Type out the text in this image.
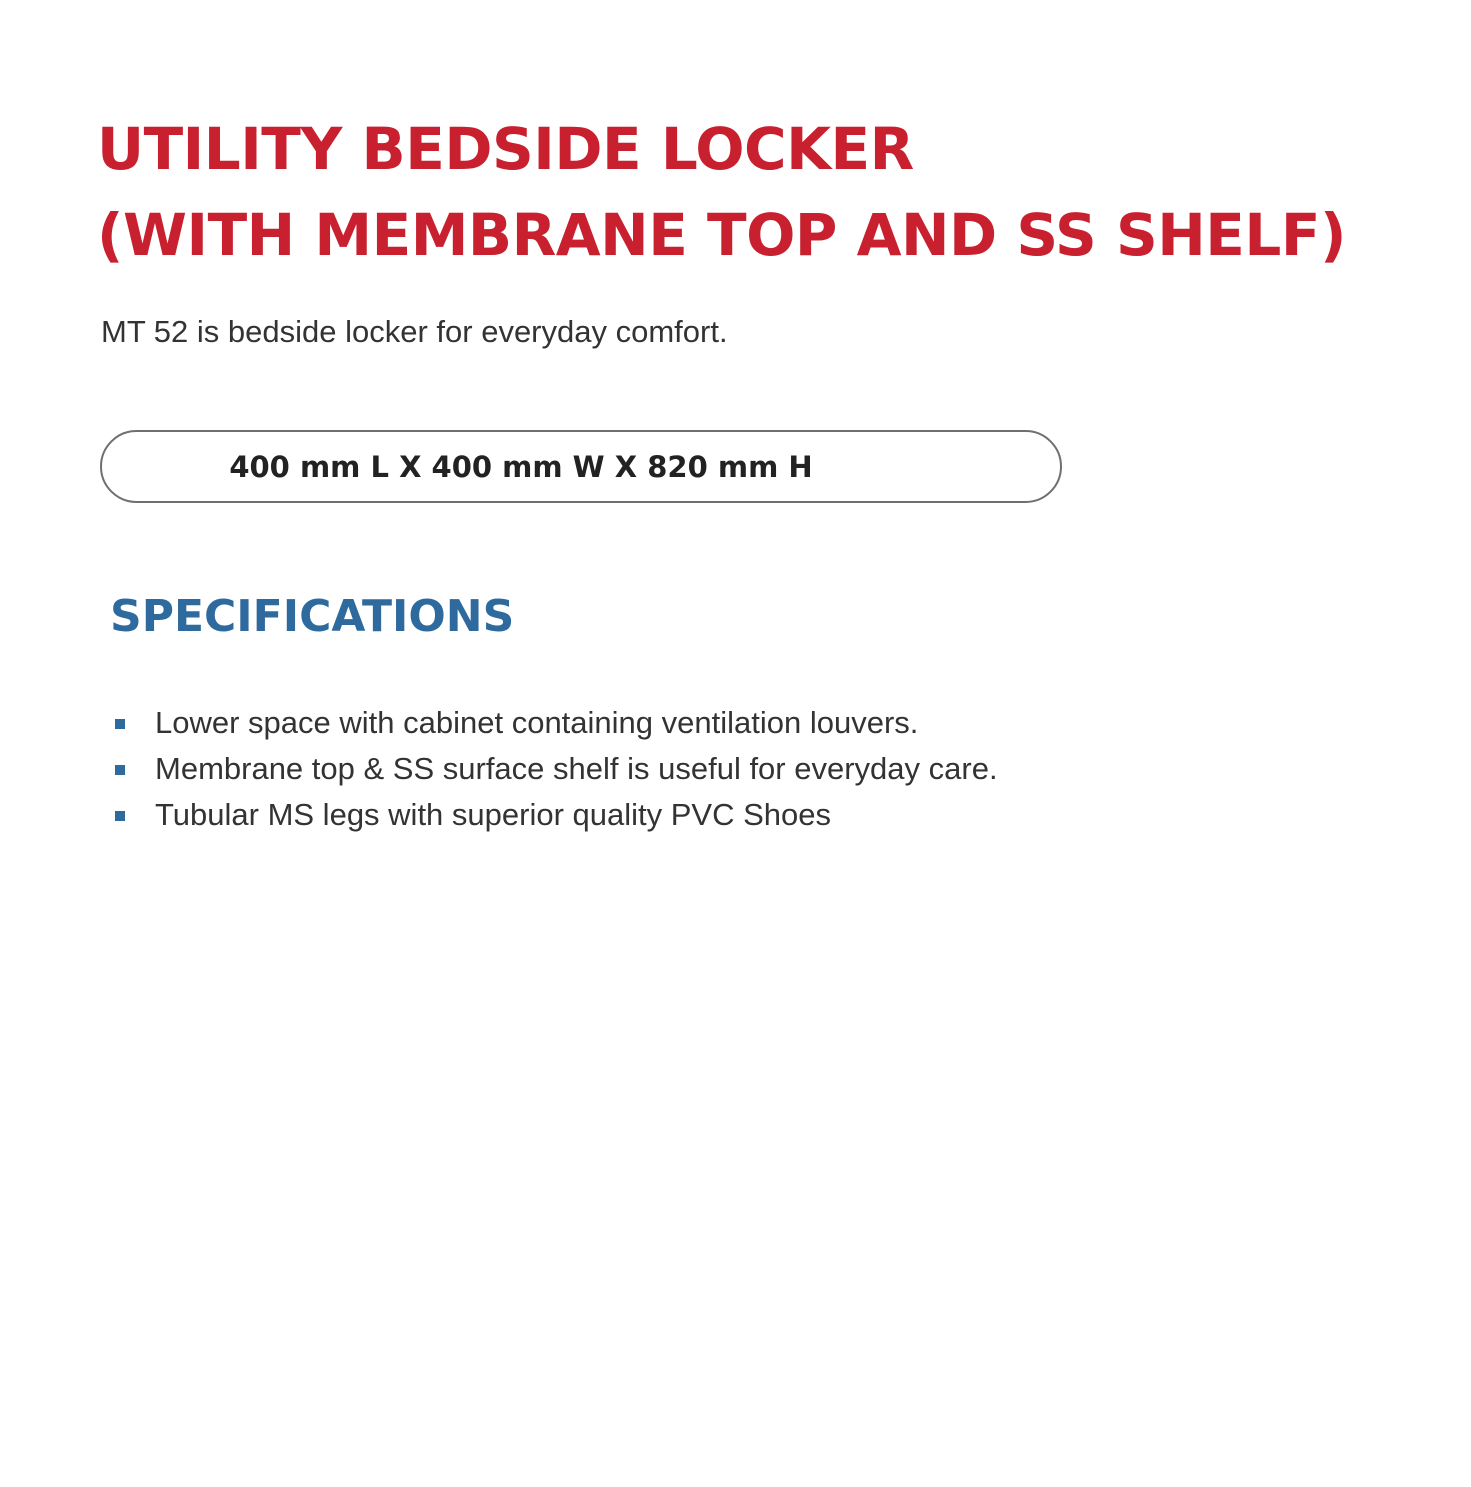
UTILITY BEDSIDE LOCKER
(WITH MEMBRANE TOP AND SS SHELF)

MT 52 is bedside locker for everyday comfort.

400 mm L X 400 mm W X 820 mm H
SPECIFICATIONS
Lower space with cabinet containing ventilation louvers.
Membrane top & SS surface shelf is useful for everyday care.
Tubular MS legs with superior quality PVC Shoes
